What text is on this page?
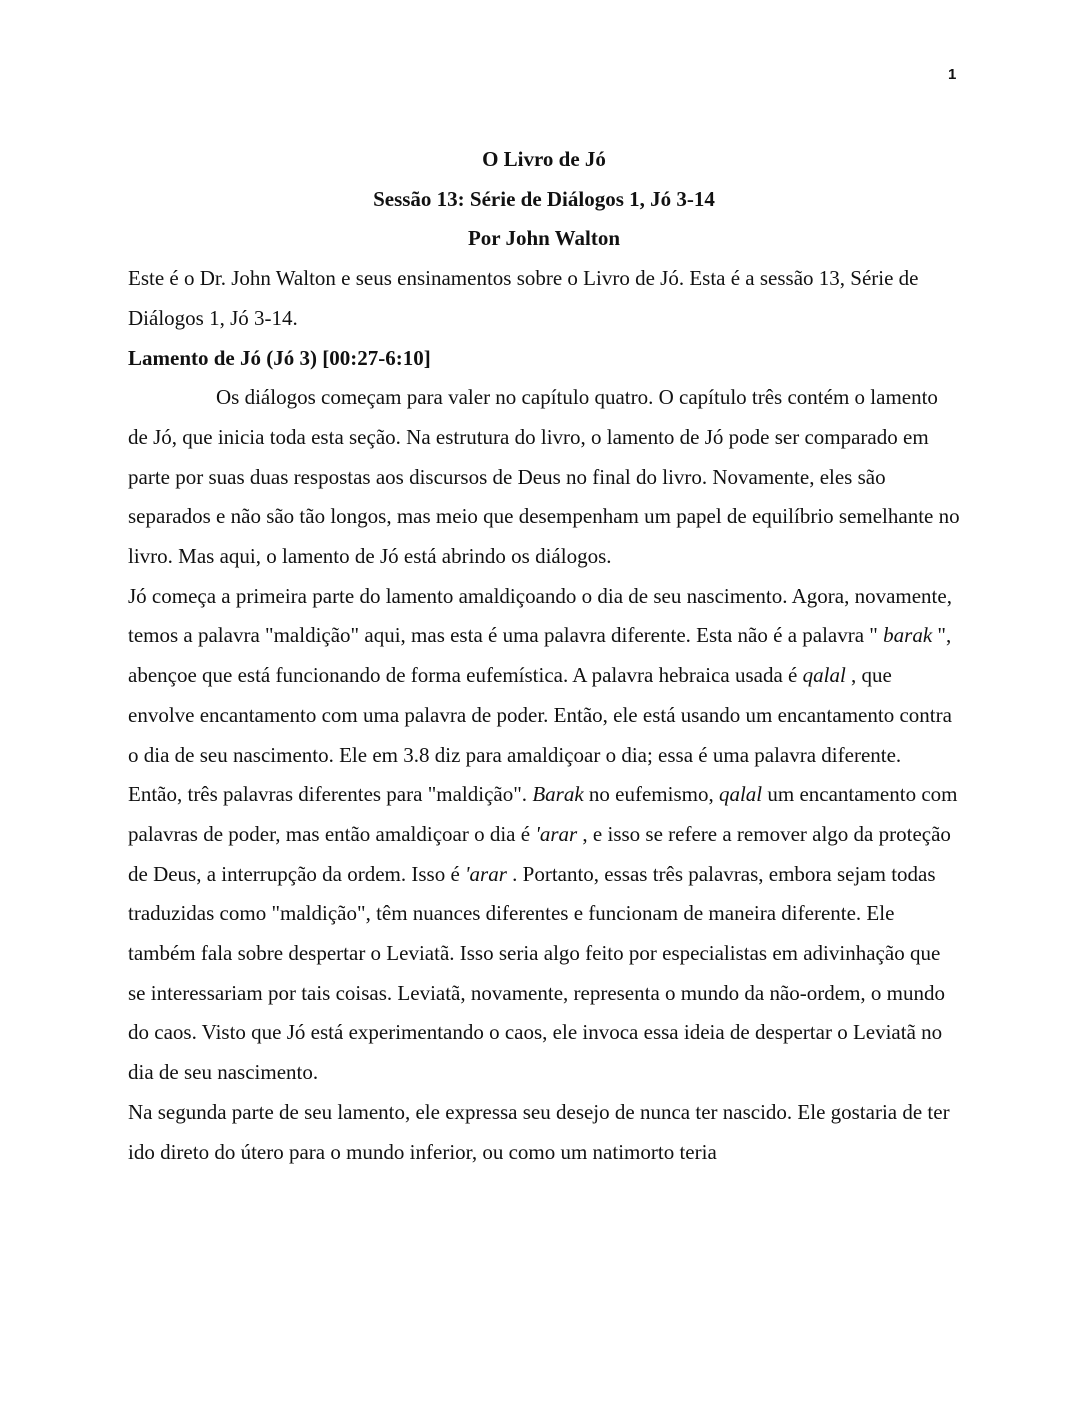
1
O Livro de Jó
Sessão 13: Série de Diálogos 1, Jó 3-14
Por John Walton

Este é o Dr. John Walton e seus ensinamentos sobre o Livro de Jó. Esta é a sessão 13, Série de Diálogos 1, Jó 3-14.

Lamento de Jó (Jó 3) [00:27-6:10]

Os diálogos começam para valer no capítulo quatro. O capítulo três contém o lamento de Jó, que inicia toda esta seção. Na estrutura do livro, o lamento de Jó pode ser comparado em parte por suas duas respostas aos discursos de Deus no final do livro. Novamente, eles são separados e não são tão longos, mas meio que desempenham um papel de equilíbrio semelhante no livro. Mas aqui, o lamento de Jó está abrindo os diálogos.

Jó começa a primeira parte do lamento amaldiçoando o dia de seu nascimento. Agora, novamente, temos a palavra "maldição" aqui, mas esta é uma palavra diferente. Esta não é a palavra " barak ", abençoe que está funcionando de forma eufemística. A palavra hebraica usada é qalal , que envolve encantamento com uma palavra de poder. Então, ele está usando um encantamento contra o dia de seu nascimento. Ele em 3.8 diz para amaldiçoar o dia; essa é uma palavra diferente. Então, três palavras diferentes para "maldição". Barak no eufemismo, qalal um encantamento com palavras de poder, mas então amaldiçoar o dia é 'arar , e isso se refere a remover algo da proteção de Deus, a interrupção da ordem. Isso é 'arar . Portanto, essas três palavras, embora sejam todas traduzidas como "maldição", têm nuances diferentes e funcionam de maneira diferente. Ele também fala sobre despertar o Leviatã. Isso seria algo feito por especialistas em adivinhação que se interessariam por tais coisas. Leviatã, novamente, representa o mundo da não-ordem, o mundo do caos. Visto que Jó está experimentando o caos, ele invoca essa ideia de despertar o Leviatã no dia de seu nascimento.

Na segunda parte de seu lamento, ele expressa seu desejo de nunca ter nascido. Ele gostaria de ter ido direto do útero para o mundo inferior, ou como um natimorto teria
